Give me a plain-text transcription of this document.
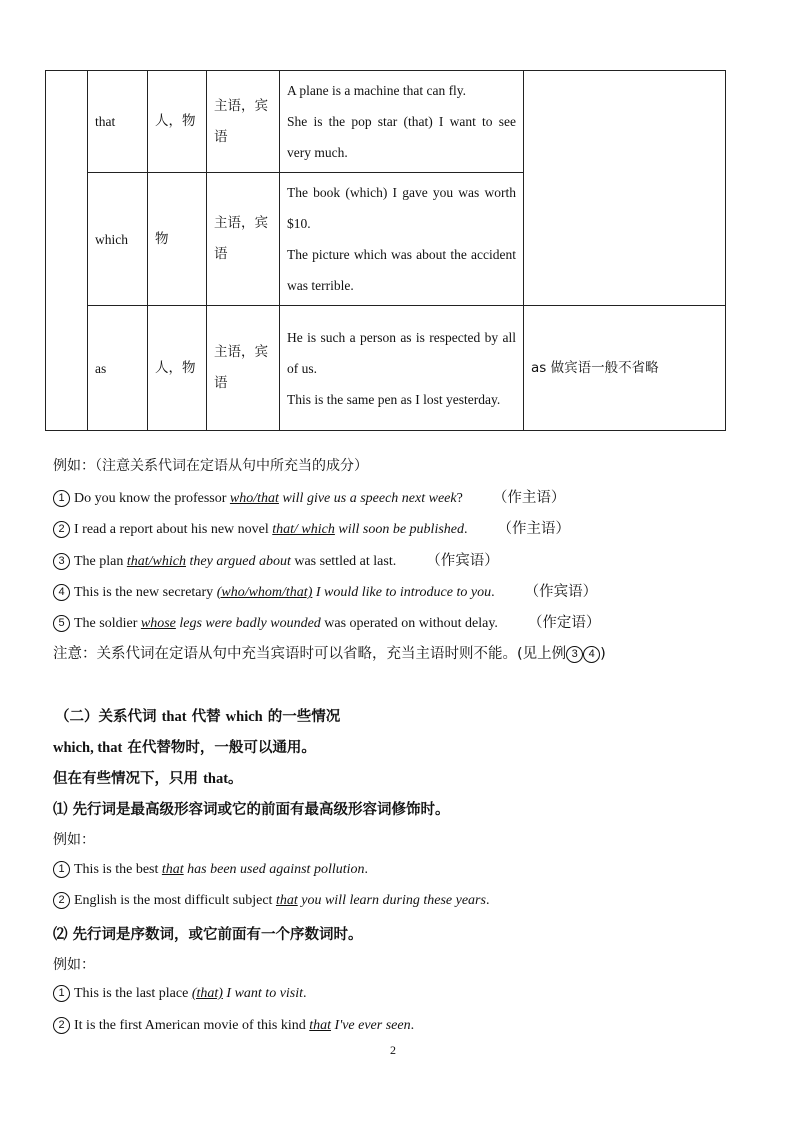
	that	人，物	主语，宾语	A plane is a machine that can fly.
She is the pop star (that) I want to see very much.	

	which	物	主语，宾语	The book (which) I gave you was worth $10.
The picture which was about the accident was terrible.	

	as	人，物	主语，宾语	He is such a person as is respected by all of us.
This is the same pen as I lost yesterday.	as 做宾语一般不省略
例如：（注意关系代词在定语从句中所充当的成分）
1 Do you know the professor who/that will give us a speech next week? （作主语）
2 I read a report about his new novel that/ which will soon be published. （作主语）
3 The plan that/which they argued about was settled at last. （作宾语）
4 This is the new secretary (who/whom/that) I would like to introduce to you. （作宾语）
5 The soldier whose legs were badly wounded was operated on without delay. （作定语）
注意：关系代词在定语从句中充当宾语时可以省略，充当主语时则不能。(见上例 3 4 )
（二）关系代词 that 代替 which 的一些情况
which, that 在代替物时，一般可以通用。
但在有些情况下，只用 that。
⑴ 先行词是最高级形容词或它的前面有最高级形容词修饰时。
例如：
1 This is the best that has been used against pollution.
2 English is the most difficult subject that you will learn during these years.
⑵ 先行词是序数词，或它前面有一个序数词时。
例如：
1 This is the last place (that) I want to visit.
2 It is the first American movie of this kind that I've ever seen.
2
